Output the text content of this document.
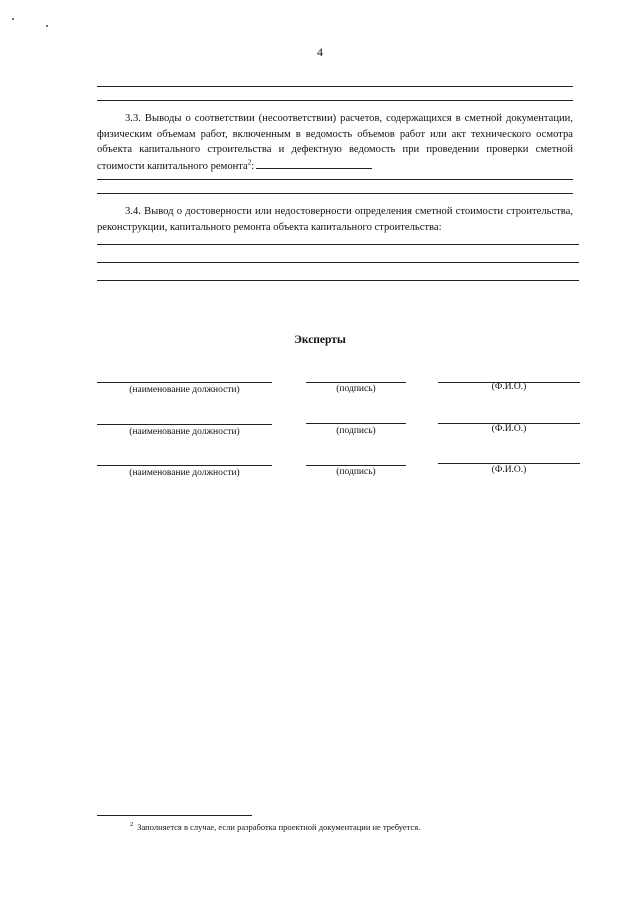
4

3.3. Выводы о соответствии (несоответствии) расчетов, содержащихся в сметной документации, физическим объемам работ, включенным в ведомость объемов работ или акт технического осмотра объекта капитального строительства и дефектную ведомость при проведении проверки сметной стоимости капитального ремонта$^2$:

3.4. Вывод о достоверности или недостоверности определения сметной стоимости строительства, реконструкции, капитального ремонта объекта капитального строительства:

Эксперты
(наименование должности)	(подпись)	(Ф.И.О.)
(наименование должности)	(подпись)	(Ф.И.О.)
(наименование должности)	(подпись)	(Ф.И.О.)
$^2$ Заполняется в случае, если разработка проектной документации не требуется.
